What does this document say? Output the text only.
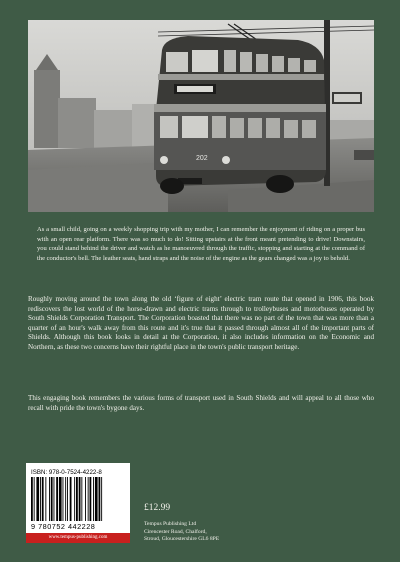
202

As a small child, going on a weekly shopping trip with my mother, I can remember the enjoyment of riding on a proper bus with an open rear platform. There was so much to do! Sitting upstairs at the front meant pretending to drive! Downstairs, you could stand behind the driver and watch as he manoeuvred through the traffic, stopping and starting at the command of the conductor's bell. The leather seats, hand straps and the noise of the engine as the gears changed was a joy to behold.

Roughly moving around the town along the old ‘figure of eight’ electric tram route that opened in 1906, this book rediscovers the lost world of the horse-drawn and electric trams through to trolleybuses and motorbuses operated by South Shields Corporation Transport. The Corporation boasted that there was no part of the town that was more than a quarter of an hour's walk away from this route and it's true that it passed through almost all of the important parts of Shields. Although this book looks in detail at the Corporation, it also includes information on the Economic and Northern, as these two concerns have their rightful place in the town's public transport heritage.

This engaging book remembers the various forms of transport used in South Shields and will appeal to all those who recall with pride the town's bygone days.

ISBN: 978-0-7524-4222-8
9 780752 442228
www.tempus-publishing.com
£12.99
Tempus Publishing Ltd
Cirencester Road, Chalford,
Stroud, Gloucestershire GL6 8PE
